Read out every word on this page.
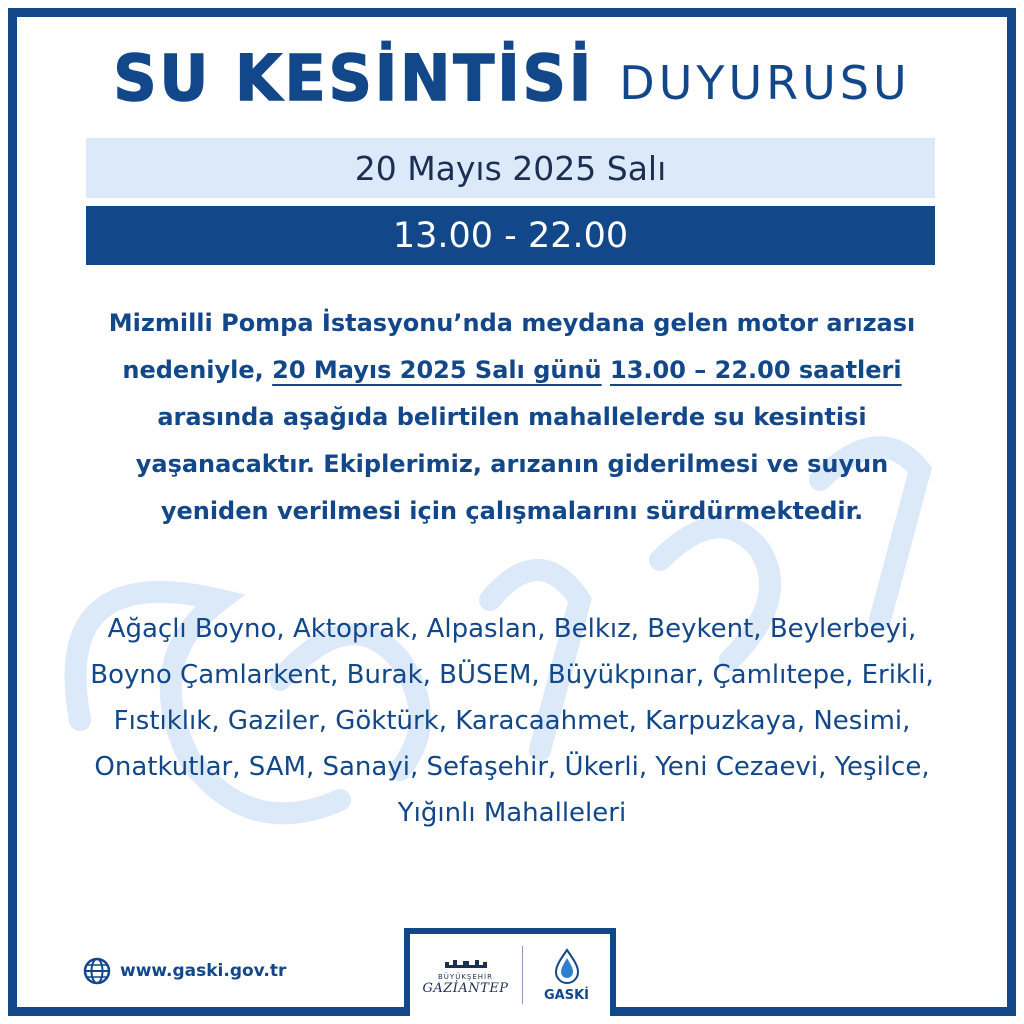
SU KESİNTİSİ DUYURUSU
20 Mayıs 2025 Salı
13.00 - 22.00

Mizmilli Pompa İstasyonu’nda meydana gelen motor arızası nedeniyle, 20 Mayıs 2025 Salı günü 13.00 – 22.00 saatleri arasında aşağıda belirtilen mahallelerde su kesintisi yaşanacaktır. Ekiplerimiz, arızanın giderilmesi ve suyun yeniden verilmesi için çalışmalarını sürdürmektedir.

Ağaçlı Boyno, Aktoprak, Alpaslan, Belkız, Beykent, Beylerbeyi, Boyno Çamlarkent, Burak, BÜSEM, Büyükpınar, Çamlıtepe, Erikli, Fıstıklık, Gaziler, Göktürk, Karacaahmet, Karpuzkaya, Nesimi, Onatkutlar, SAM, Sanayi, Sefaşehir, Ükerli, Yeni Cezaevi, Yeşilce, Yığınlı Mahalleleri

www.gaski.gov.tr	BÜYÜKŞEHİR
GAZİANTEP	GASKİ
